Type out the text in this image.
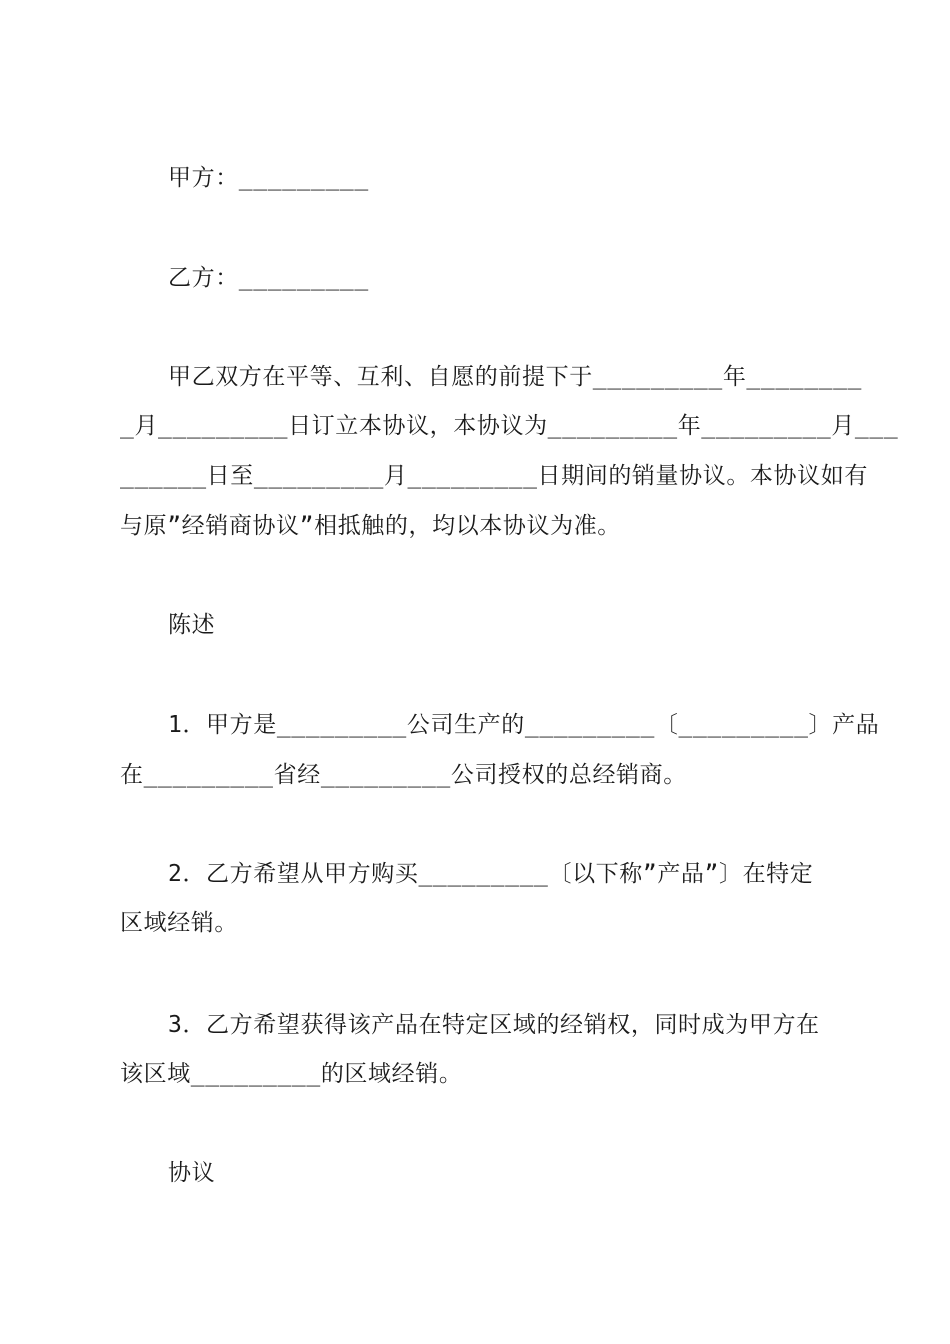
甲方：_________
乙方：_________
甲乙双方在平等、互利、自愿的前提下于_________年________
_月_________日订立本协议，本协议为_________年_________月___
______日至_________月_________日期间的销量协议。本协议如有
与原”经销商协议”相抵触的，均以本协议为准。
陈述
1．甲方是_________公司生产的_________〔_________〕产品
在_________省经_________公司授权的总经销商。
2．乙方希望从甲方购买_________〔以下称”产品”〕在特定
区域经销。
3．乙方希望获得该产品在特定区域的经销权，同时成为甲方在
该区域_________的区域经销。
协议
